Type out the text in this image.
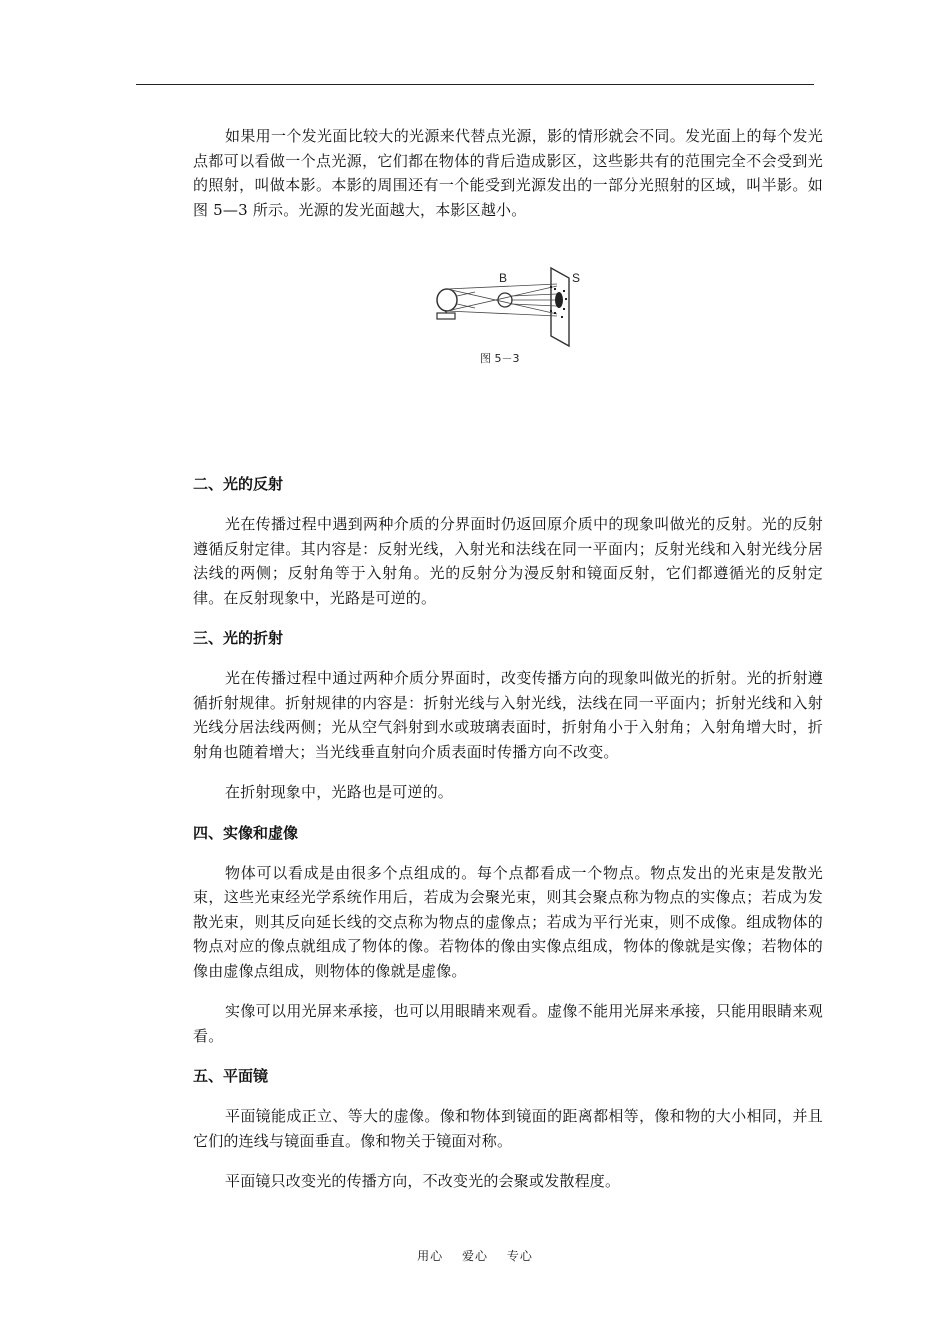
如果用一个发光面比较大的光源来代替点光源，影的情形就会不同。发光面上的每个发光点都可以看做一个点光源，它们都在物体的背后造成影区，这些影共有的范围完全不会受到光的照射，叫做本影。本影的周围还有一个能受到光源发出的一部分光照射的区域，叫半影。如图 5—3 所示。光源的发光面越大，本影区越小。

二、光的反射

光在传播过程中遇到两种介质的分界面时仍返回原介质中的现象叫做光的反射。光的反射遵循反射定律。其内容是：反射光线，入射光和法线在同一平面内；反射光线和入射光线分居法线的两侧；反射角等于入射角。光的反射分为漫反射和镜面反射，它们都遵循光的反射定律。在反射现象中，光路是可逆的。

三、光的折射

光在传播过程中通过两种介质分界面时，改变传播方向的现象叫做光的折射。光的折射遵循折射规律。折射规律的内容是：折射光线与入射光线，法线在同一平面内；折射光线和入射光线分居法线两侧；光从空气斜射到水或玻璃表面时，折射角小于入射角；入射角增大时，折射角也随着增大；当光线垂直射向介质表面时传播方向不改变。

在折射现象中，光路也是可逆的。

四、实像和虚像

物体可以看成是由很多个点组成的。每个点都看成一个物点。物点发出的光束是发散光束，这些光束经光学系统作用后，若成为会聚光束，则其会聚点称为物点的实像点；若成为发散光束，则其反向延长线的交点称为物点的虚像点；若成为平行光束，则不成像。组成物体的物点对应的像点就组成了物体的像。若物体的像由实像点组成，物体的像就是实像；若物体的像由虚像点组成，则物体的像就是虚像。

实像可以用光屏来承接，也可以用眼睛来观看。虚像不能用光屏来承接，只能用眼睛来观看。

五、平面镜

平面镜能成正立、等大的虚像。像和物体到镜面的距离都相等，像和物的大小相同，并且它们的连线与镜面垂直。像和物关于镜面对称。

平面镜只改变光的传播方向，不改变光的会聚或发散程度。

B	S
图 5－3
用心 爱心 专心
